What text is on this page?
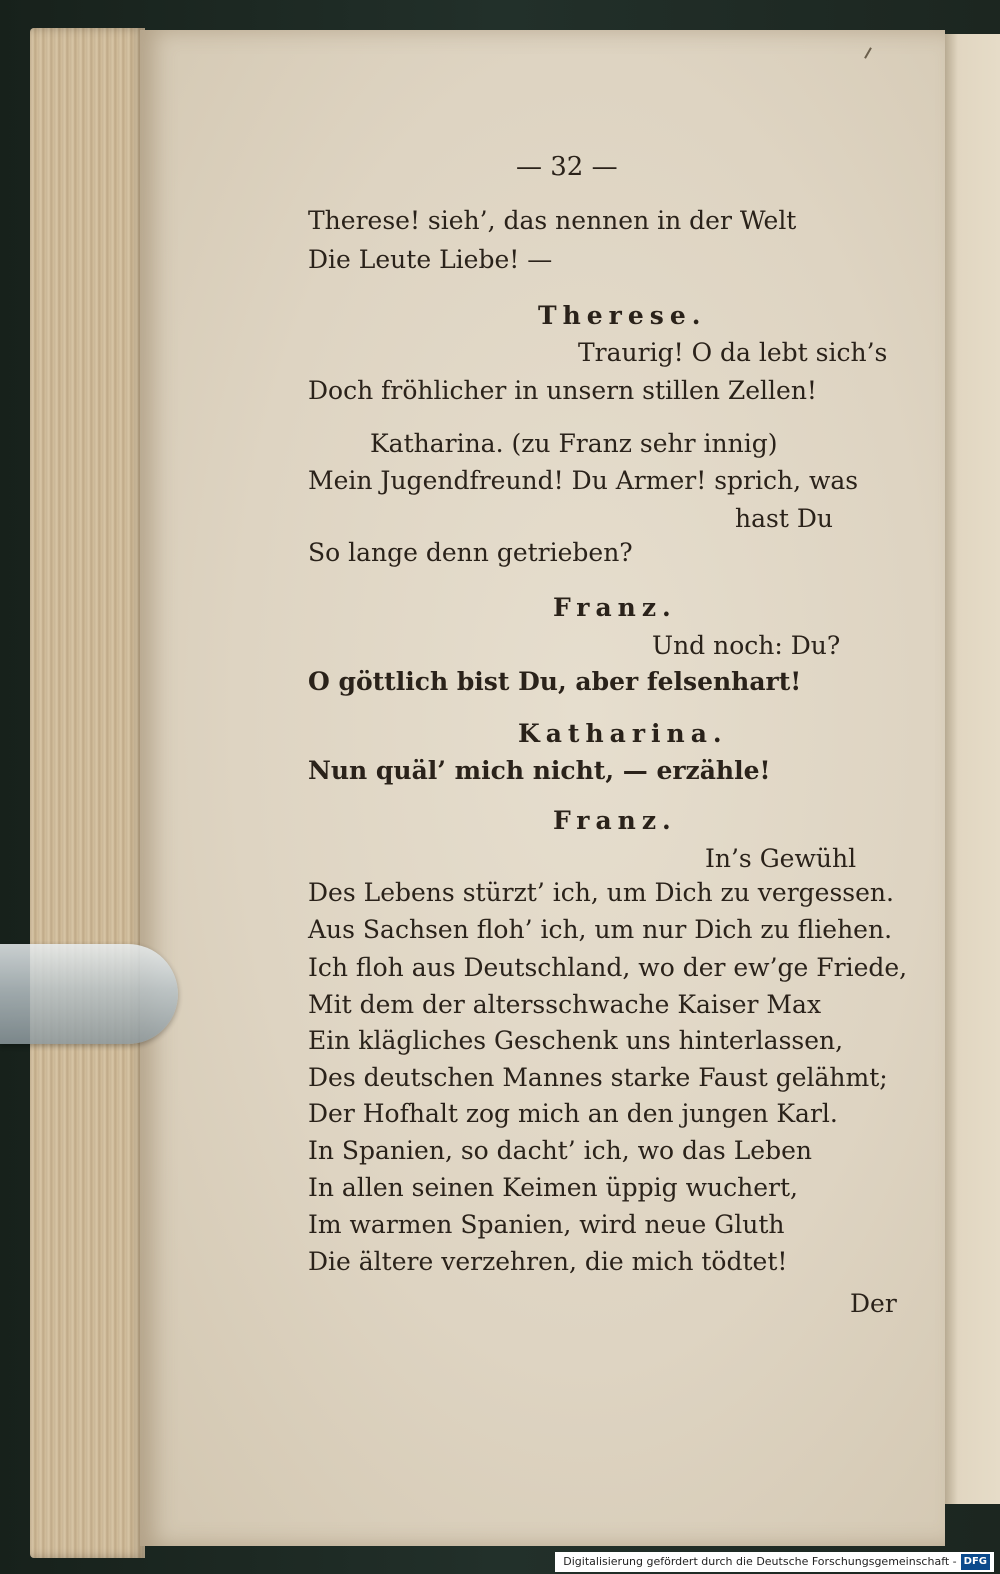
— 32 —
Therese! sieh’, das nennen in der Welt
Die Leute Liebe! —
Therese.
Traurig! O da lebt sich’s
Doch fröhlicher in unsern stillen Zellen!
Katharina. (zu Franz sehr innig)
Mein Jugendfreund! Du Armer! sprich, was
hast Du
So lange denn getrieben?
Franz.
Und noch: Du?
O göttlich bist Du, aber felsenhart!
Katharina.
Nun quäl’ mich nicht, — erzähle!
Franz.
In’s Gewühl
Des Lebens stürzt’ ich, um Dich zu vergessen.
Aus Sachsen floh’ ich, um nur Dich zu fliehen.
Ich floh aus Deutschland, wo der ew’ge Friede,
Mit dem der altersschwache Kaiser Max
Ein klägliches Geschenk uns hinterlassen,
Des deutschen Mannes starke Faust gelähmt;
Der Hofhalt zog mich an den jungen Karl.
In Spanien, so dacht’ ich, wo das Leben
In allen seinen Keimen üppig wuchert,
Im warmen Spanien, wird neue Gluth
Die ältere verzehren, die mich tödtet!
Der
Digitalisierung gefördert durch die Deutsche Forschungsgemeinschaft - DFG
